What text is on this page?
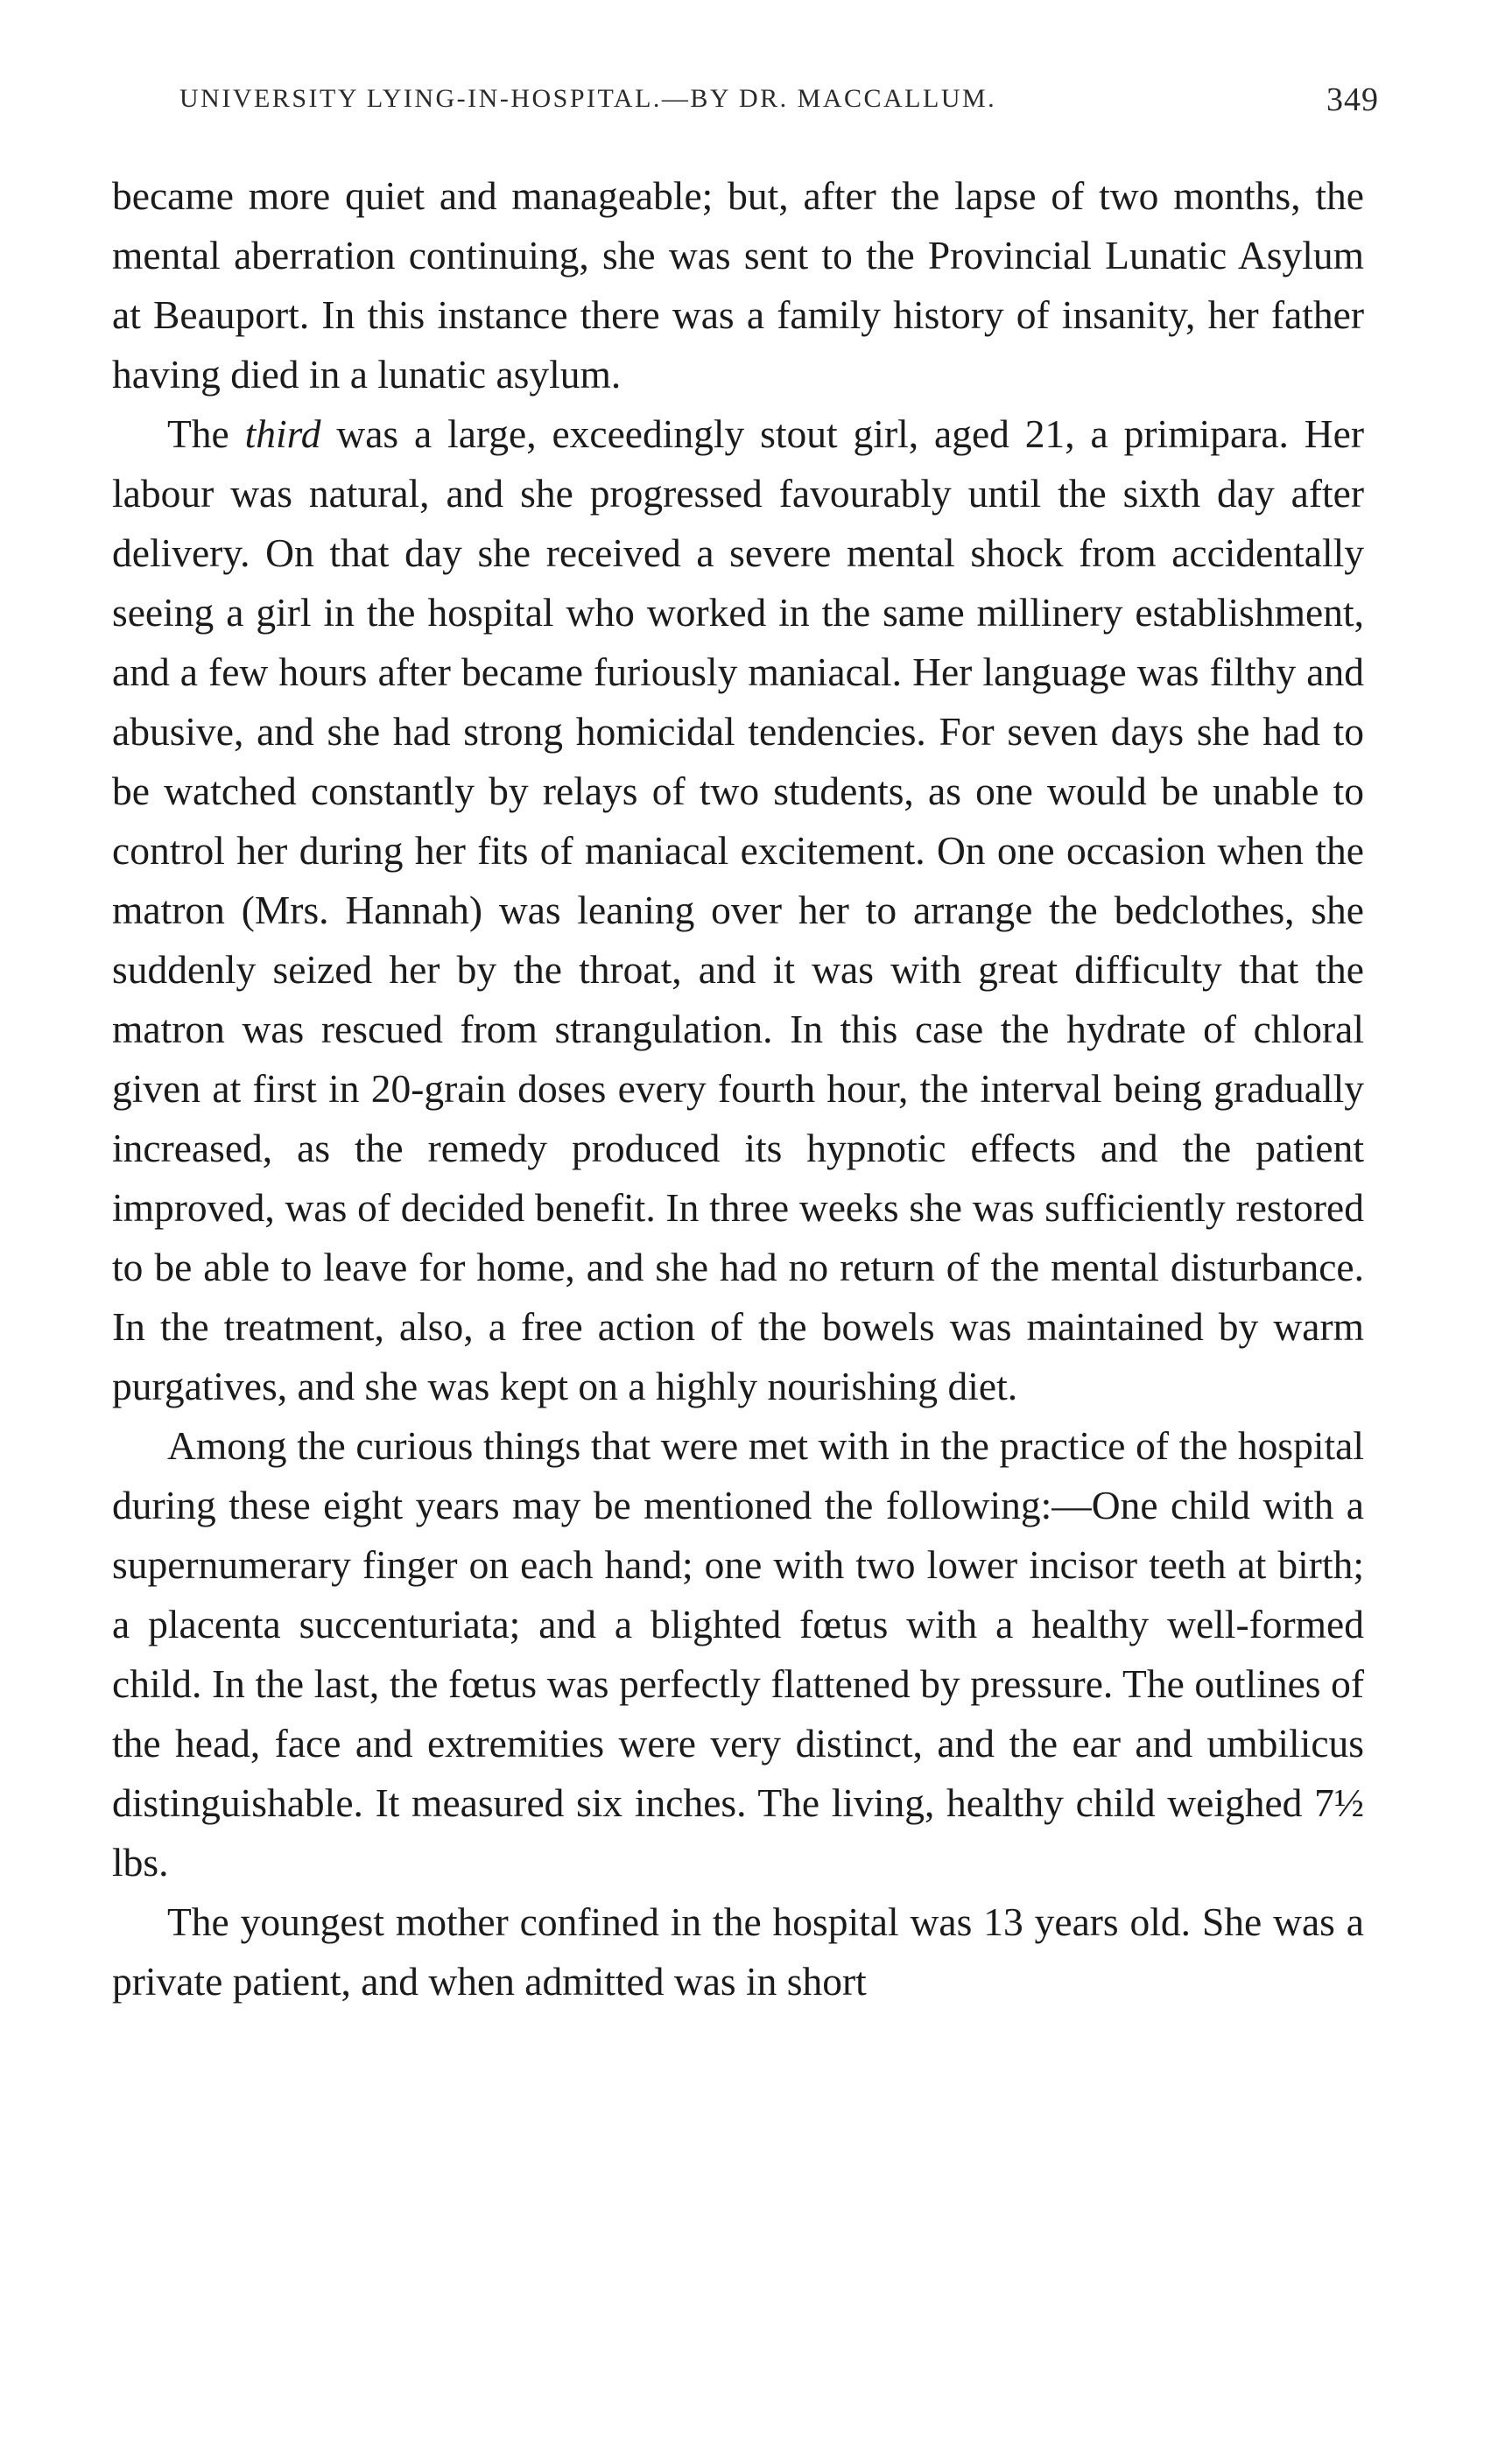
UNIVERSITY LYING-IN-HOSPITAL.—BY DR. MACCALLUM.	349

became more quiet and manageable; but, after the lapse of two months, the mental aberration continuing, she was sent to the Provincial Lunatic Asylum at Beauport. In this instance there was a family history of insanity, her father having died in a lunatic asylum.

The third was a large, exceedingly stout girl, aged 21, a primipara. Her labour was natural, and she progressed favourably until the sixth day after delivery. On that day she received a severe mental shock from accidentally seeing a girl in the hospital who worked in the same millinery establishment, and a few hours after became furiously maniacal. Her language was filthy and abusive, and she had strong homicidal tendencies. For seven days she had to be watched constantly by relays of two students, as one would be unable to control her during her fits of maniacal excitement. On one occasion when the matron (Mrs. Hannah) was leaning over her to arrange the bedclothes, she suddenly seized her by the throat, and it was with great difficulty that the matron was rescued from strangulation. In this case the hydrate of chloral given at first in 20-grain doses every fourth hour, the interval being gradually increased, as the remedy produced its hypnotic effects and the patient improved, was of decided benefit. In three weeks she was sufficiently restored to be able to leave for home, and she had no return of the mental disturbance. In the treatment, also, a free action of the bowels was maintained by warm purgatives, and she was kept on a highly nourishing diet.

Among the curious things that were met with in the practice of the hospital during these eight years may be mentioned the following:—One child with a supernumerary finger on each hand; one with two lower incisor teeth at birth; a placenta succenturiata; and a blighted fœtus with a healthy well-formed child. In the last, the fœtus was perfectly flattened by pressure. The outlines of the head, face and extremities were very distinct, and the ear and umbilicus distinguishable. It measured six inches. The living, healthy child weighed 7½ lbs.

The youngest mother confined in the hospital was 13 years old. She was a private patient, and when admitted was in short
